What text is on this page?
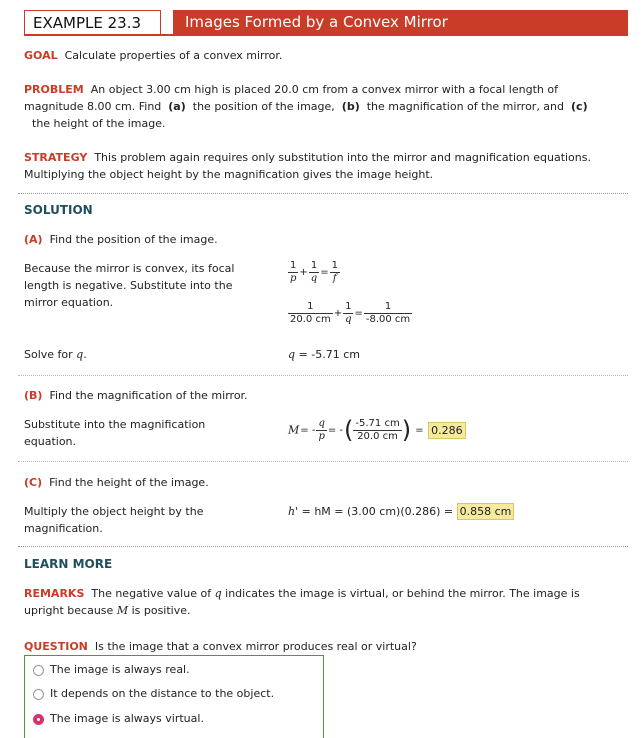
EXAMPLE 23.3	Images Formed by a Convex Mirror
GOAL Calculate properties of a convex mirror.
PROBLEM An object 3.00 cm high is placed 20.0 cm from a convex mirror with a focal length of
magnitude 8.00 cm. Find (a) the position of the image, (b) the magnification of the mirror, and (c)
the height of the image.
STRATEGY This problem again requires only substitution into the mirror and magnification equations.
Multiplying the object height by the magnification gives the image height.
SOLUTION
(A) Find the position of the image.
Because the mirror is convex, its focal length is negative. Substitute into the mirror equation.
$\frac{1}{p} + \frac{1}{q} = \frac{1}{f}$
$\frac{1}{20.0 cm} + \frac{1}{q} = \frac{1}{-8.00 cm}$
Solve for q.	q = -5.71 cm
(B) Find the magnification of the mirror.
Substitute into the magnification equation.
$M= - \frac{q}{p}$ = -( $\frac{-5.71 cm}{20.0 cm}$ ) = 0.286
(C) Find the height of the image.
Multiply the object height by the magnification.
h' = hM = (3.00 cm)(0.286) = 0.858 cm
LEARN MORE
REMARKS The negative value of q indicates the image is virtual, or behind the mirror. The image is
upright because M is positive.
QUESTION Is the image that a convex mirror produces real or virtual?
The image is always real.
It depends on the distance to the object.
The image is always virtual.
